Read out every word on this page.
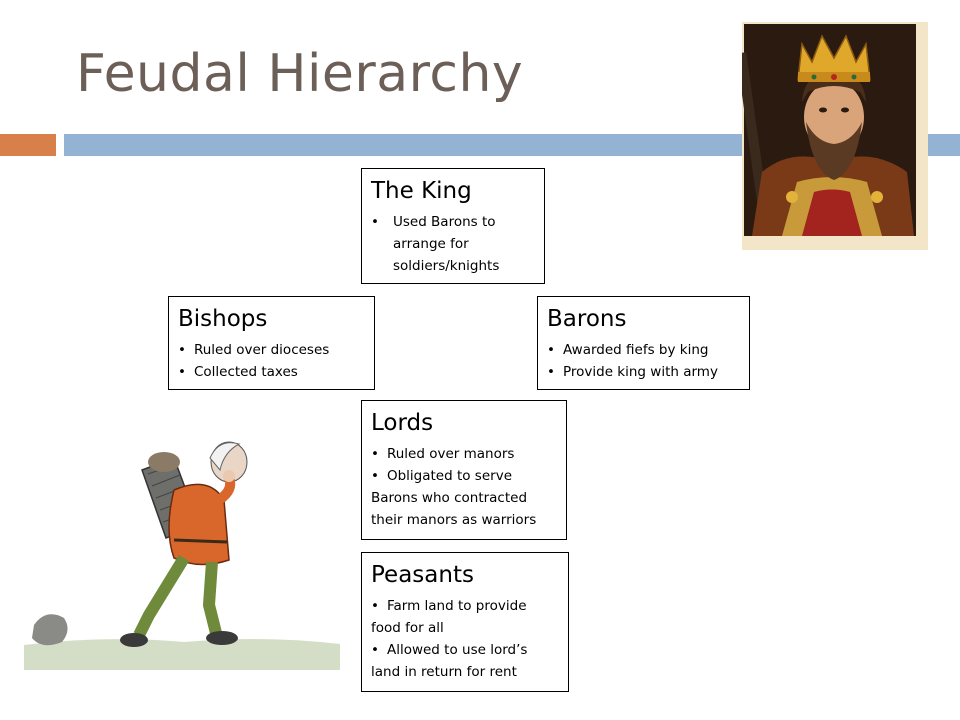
Feudal Hierarchy
The King
• Used Barons to arrange for soldiers/knights
Bishops
• Ruled over dioceses
• Collected taxes
Barons
• Awarded fiefs by king
• Provide king with army
Lords
• Ruled over manors
• Obligated to serve Barons who contracted their manors as warriors
Peasants
• Farm land to provide food for all
• Allowed to use lord’s land in return for rent
